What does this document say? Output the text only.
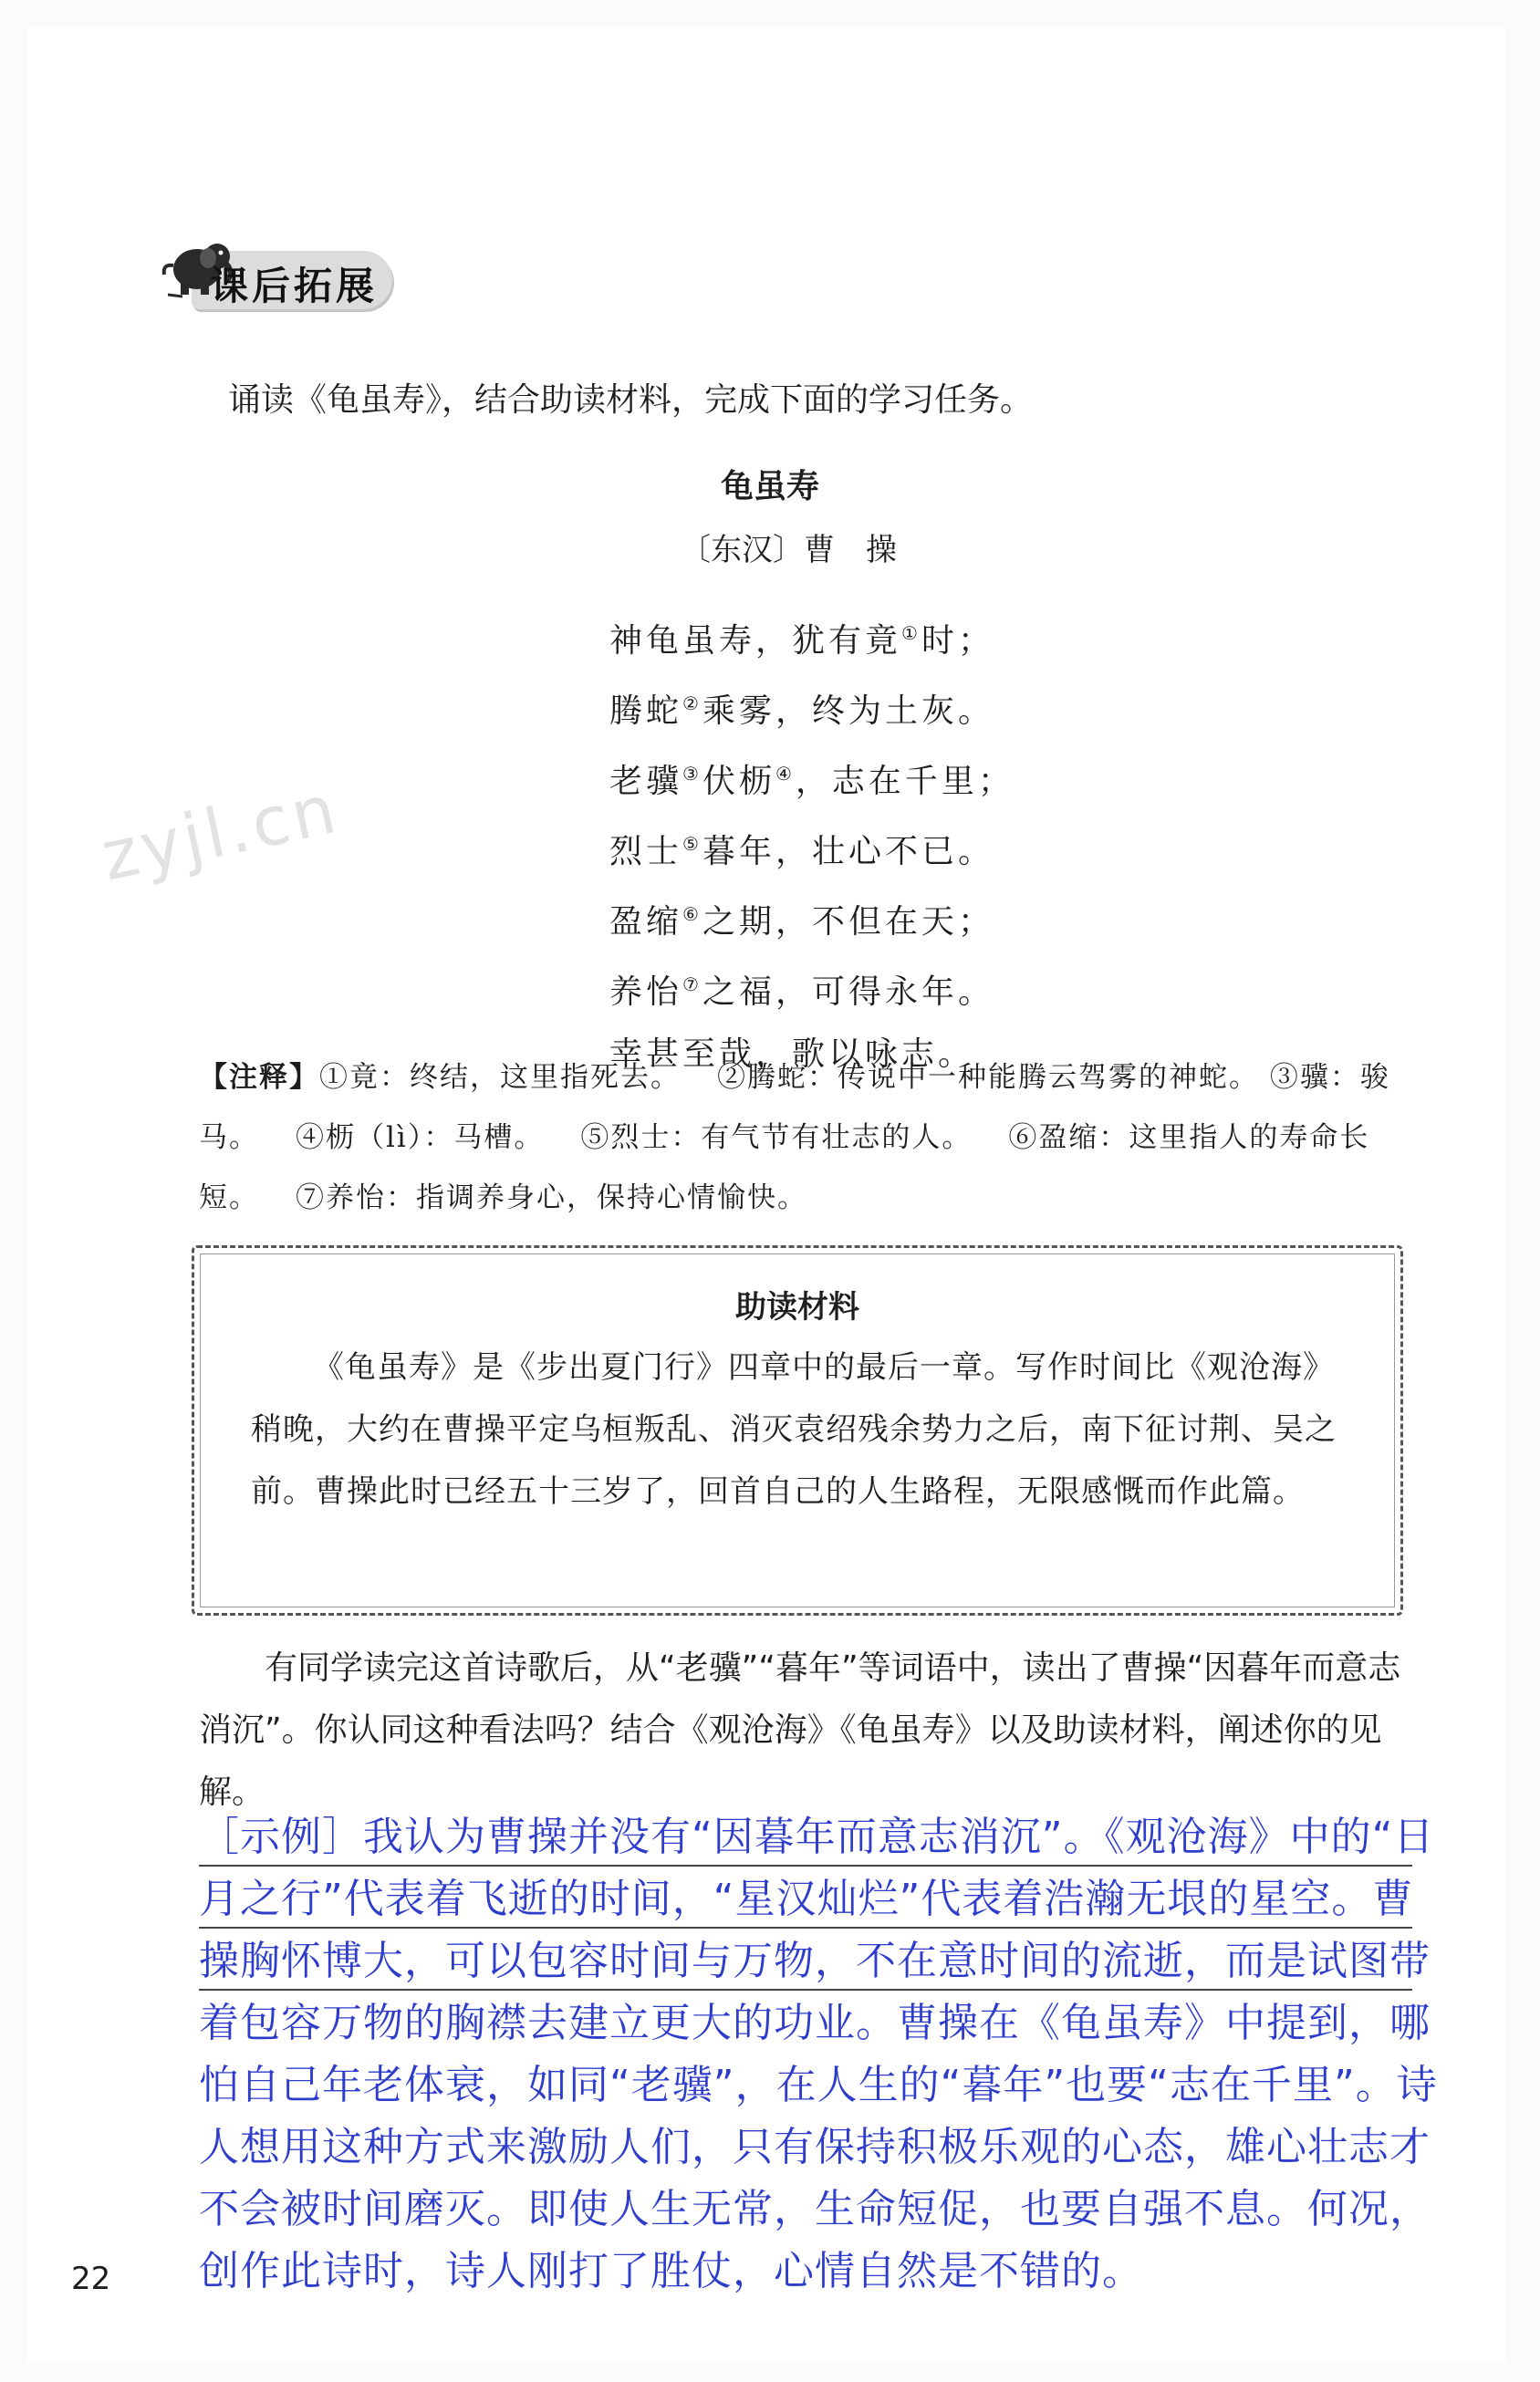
课后拓展
诵读《龟虽寿》，结合助读材料，完成下面的学习任务。
zyjl.cn
龟虽寿
〔东汉〕曹　操
神龟虽寿，犹有竟①时；
腾蛇②乘雾，终为土灰。
老骥③伏枥④，志在千里；
烈士⑤暮年，壮心不已。
盈缩⑥之期，不但在天；
养怡⑦之福，可得永年。
幸甚至哉，歌以咏志。
【注释】①竟：终结，这里指死去。 ②腾蛇：传说中一种能腾云驾雾的神蛇。 ③骥：骏马。 ④枥（lì）：马槽。 ⑤烈士：有气节有壮志的人。 ⑥盈缩：这里指人的寿命长短。 ⑦养怡：指调养身心，保持心情愉快。
助读材料
《龟虽寿》是《步出夏门行》四章中的最后一章。写作时间比《观沧海》稍晚，大约在曹操平定乌桓叛乱、消灭袁绍残余势力之后，南下征讨荆、吴之前。曹操此时已经五十三岁了，回首自己的人生路程，无限感慨而作此篇。
有同学读完这首诗歌后，从“老骥”“暮年”等词语中，读出了曹操“因暮年而意志消沉”。你认同这种看法吗？结合《观沧海》《龟虽寿》以及助读材料，阐述你的见解。
［示例］我认为曹操并没有“因暮年而意志消沉”。《观沧海》中的“日月之行”代表着飞逝的时间，“星汉灿烂”代表着浩瀚无垠的星空。曹操胸怀博大，可以包容时间与万物，不在意时间的流逝，而是试图带着包容万物的胸襟去建立更大的功业。曹操在《龟虽寿》中提到，哪怕自己年老体衰，如同“老骥”，在人生的“暮年”也要“志在千里”。诗人想用这种方式来激励人们，只有保持积极乐观的心态，雄心壮志才不会被时间磨灭。即使人生无常，生命短促，也要自强不息。何况，创作此诗时，诗人刚打了胜仗，心情自然是不错的。
22
